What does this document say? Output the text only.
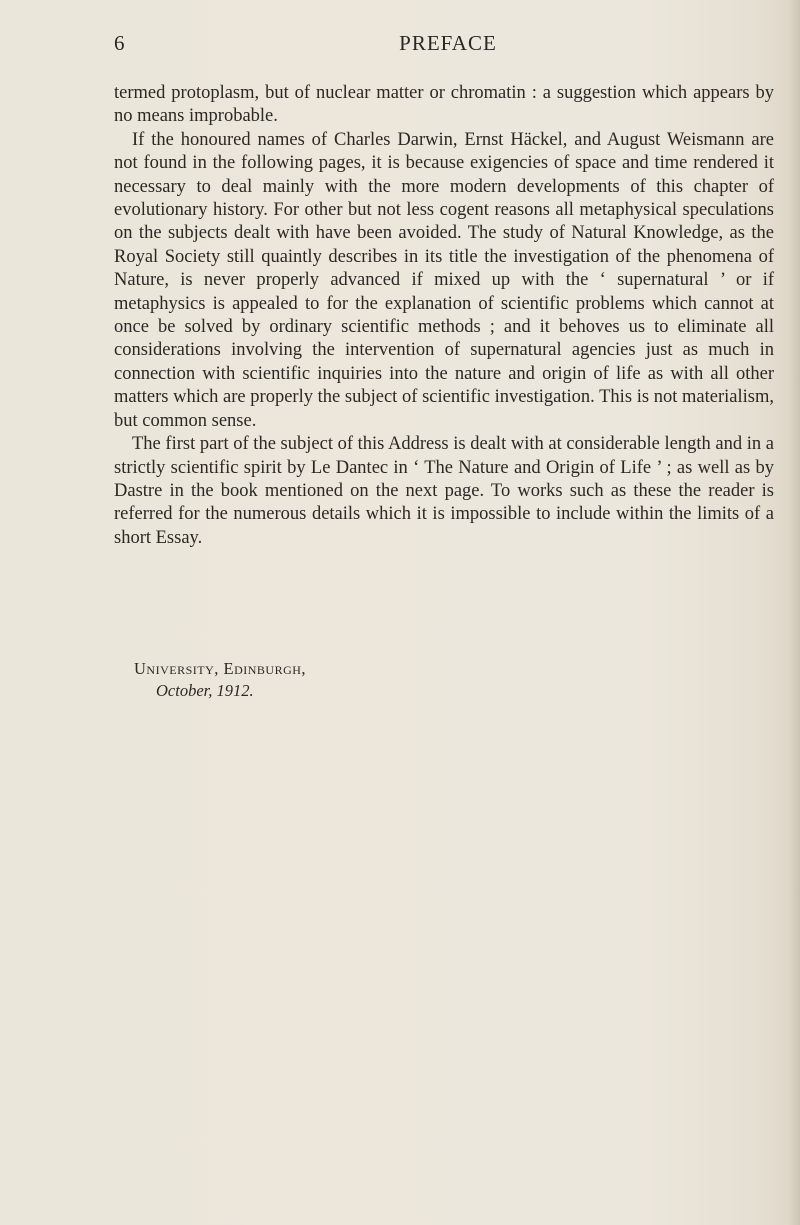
6	PREFACE

termed protoplasm, but of nuclear matter or chromatin : a suggestion which appears by no means improbable.

If the honoured names of Charles Darwin, Ernst Häckel, and August Weismann are not found in the following pages, it is because exigencies of space and time rendered it necessary to deal mainly with the more modern developments of this chapter of evolutionary history. For other but not less cogent reasons all metaphysical speculations on the subjects dealt with have been avoided. The study of Natural Knowledge, as the Royal Society still quaintly describes in its title the investigation of the phenomena of Nature, is never properly advanced if mixed up with the ‘ supernatural ’ or if metaphysics is appealed to for the explanation of scientific problems which cannot at once be solved by ordinary scientific methods ; and it behoves us to eliminate all considerations involving the intervention of supernatural agencies just as much in connection with scientific inquiries into the nature and origin of life as with all other matters which are properly the subject of scientific investigation. This is not materialism, but common sense.

The first part of the subject of this Address is dealt with at considerable length and in a strictly scientific spirit by Le Dantec in ‘ The Nature and Origin of Life ’ ; as well as by Dastre in the book mentioned on the next page. To works such as these the reader is referred for the numerous details which it is impossible to include within the limits of a short Essay.

University, Edinburgh,
October, 1912.
